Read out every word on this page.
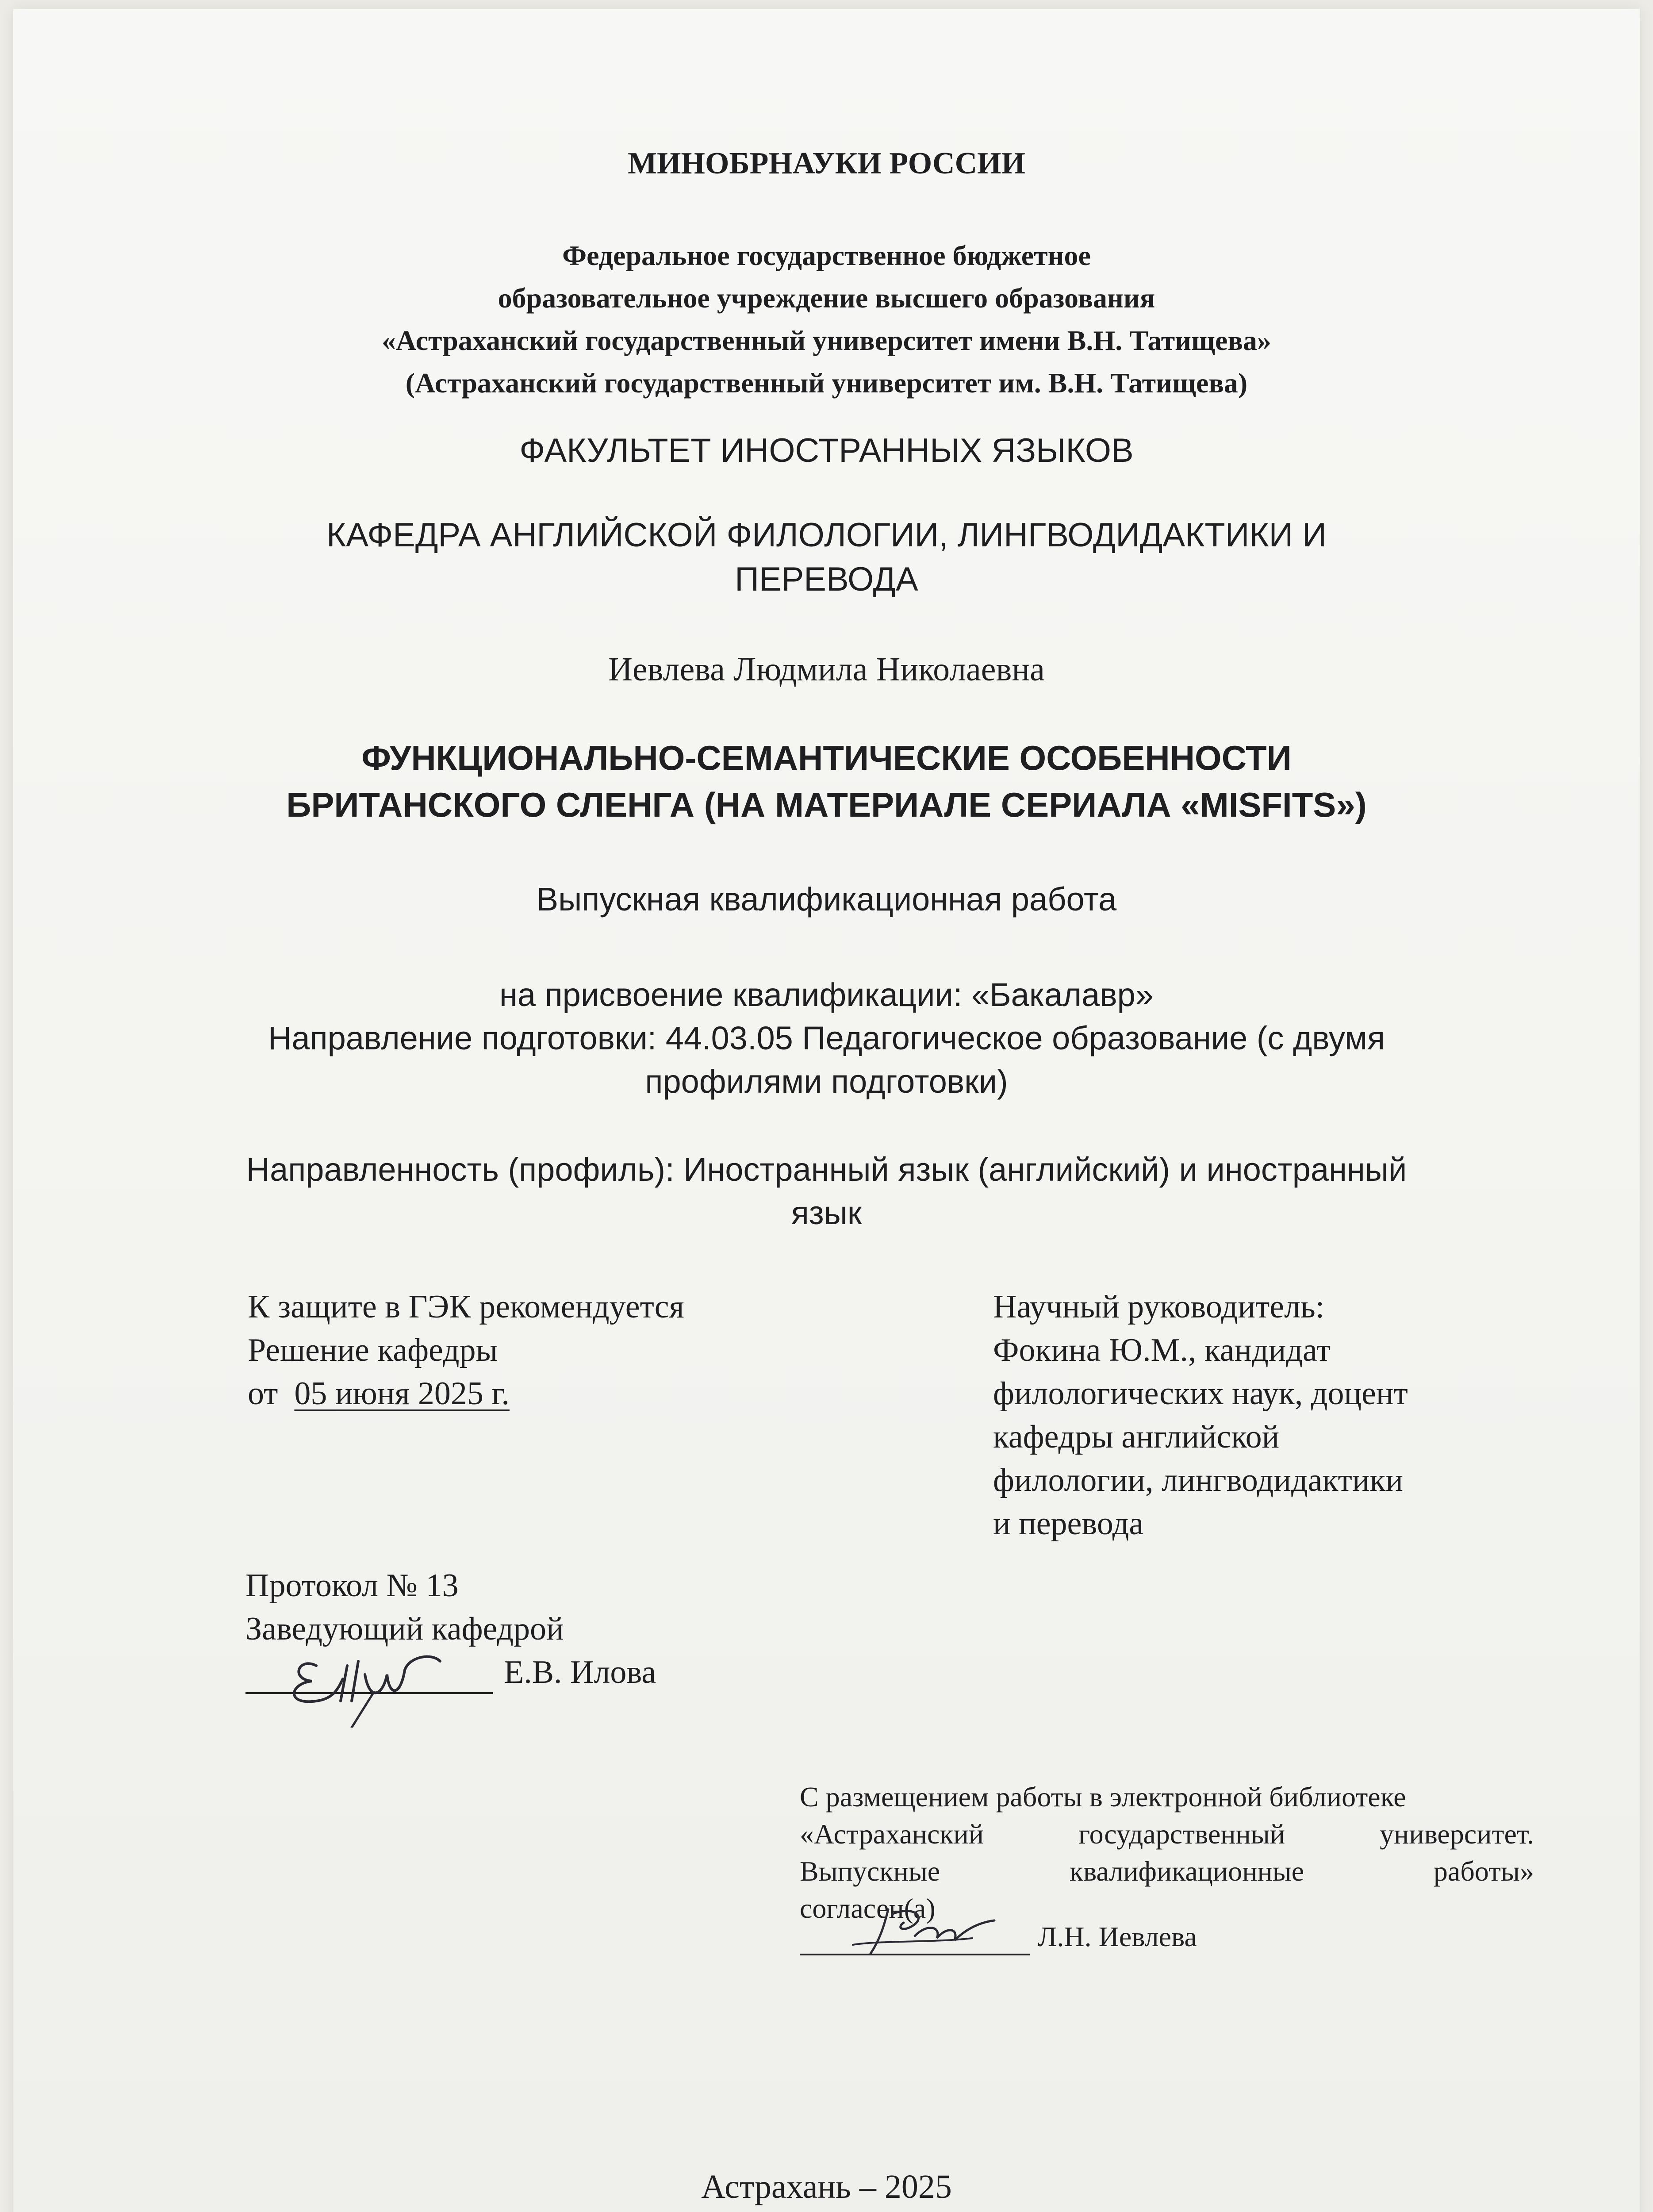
МИНОБРНАУКИ РОССИИ
Федеральное государственное бюджетное
образовательное учреждение высшего образования
«Астраханский государственный университет имени В.Н. Татищева»
(Астраханский государственный университет им. В.Н. Татищева)
ФАКУЛЬТЕТ ИНОСТРАННЫХ ЯЗЫКОВ
КАФЕДРА АНГЛИЙСКОЙ ФИЛОЛОГИИ, ЛИНГВОДИДАКТИКИ И
ПЕРЕВОДА
Иевлева Людмила Николаевна
ФУНКЦИОНАЛЬНО-СЕМАНТИЧЕСКИЕ ОСОБЕННОСТИ
БРИТАНСКОГО СЛЕНГА (НА МАТЕРИАЛЕ СЕРИАЛА «MISFITS»)
Выпускная квалификационная работа
на присвоение квалификации: «Бакалавр»
Направление подготовки: 44.03.05 Педагогическое образование (с двумя
профилями подготовки)
Направленность (профиль): Иностранный язык (английский) и иностранный
язык
К защите в ГЭК рекомендуется
Решение кафедры
от 05 июня 2025 г.
Научный руководитель:
Фокина Ю.М., кандидат
филологических наук, доцент
кафедры английской
филологии, лингводидактики
и перевода
Протокол № 13
Заведующий кафедрой
Е.В. Илова
С размещением работы в электронной библиотеке
«Астраханский	государственный	университет.
Выпускные	квалификационные	работы»
согласен(а)
Л.Н. Иевлева
Астрахань – 2025
